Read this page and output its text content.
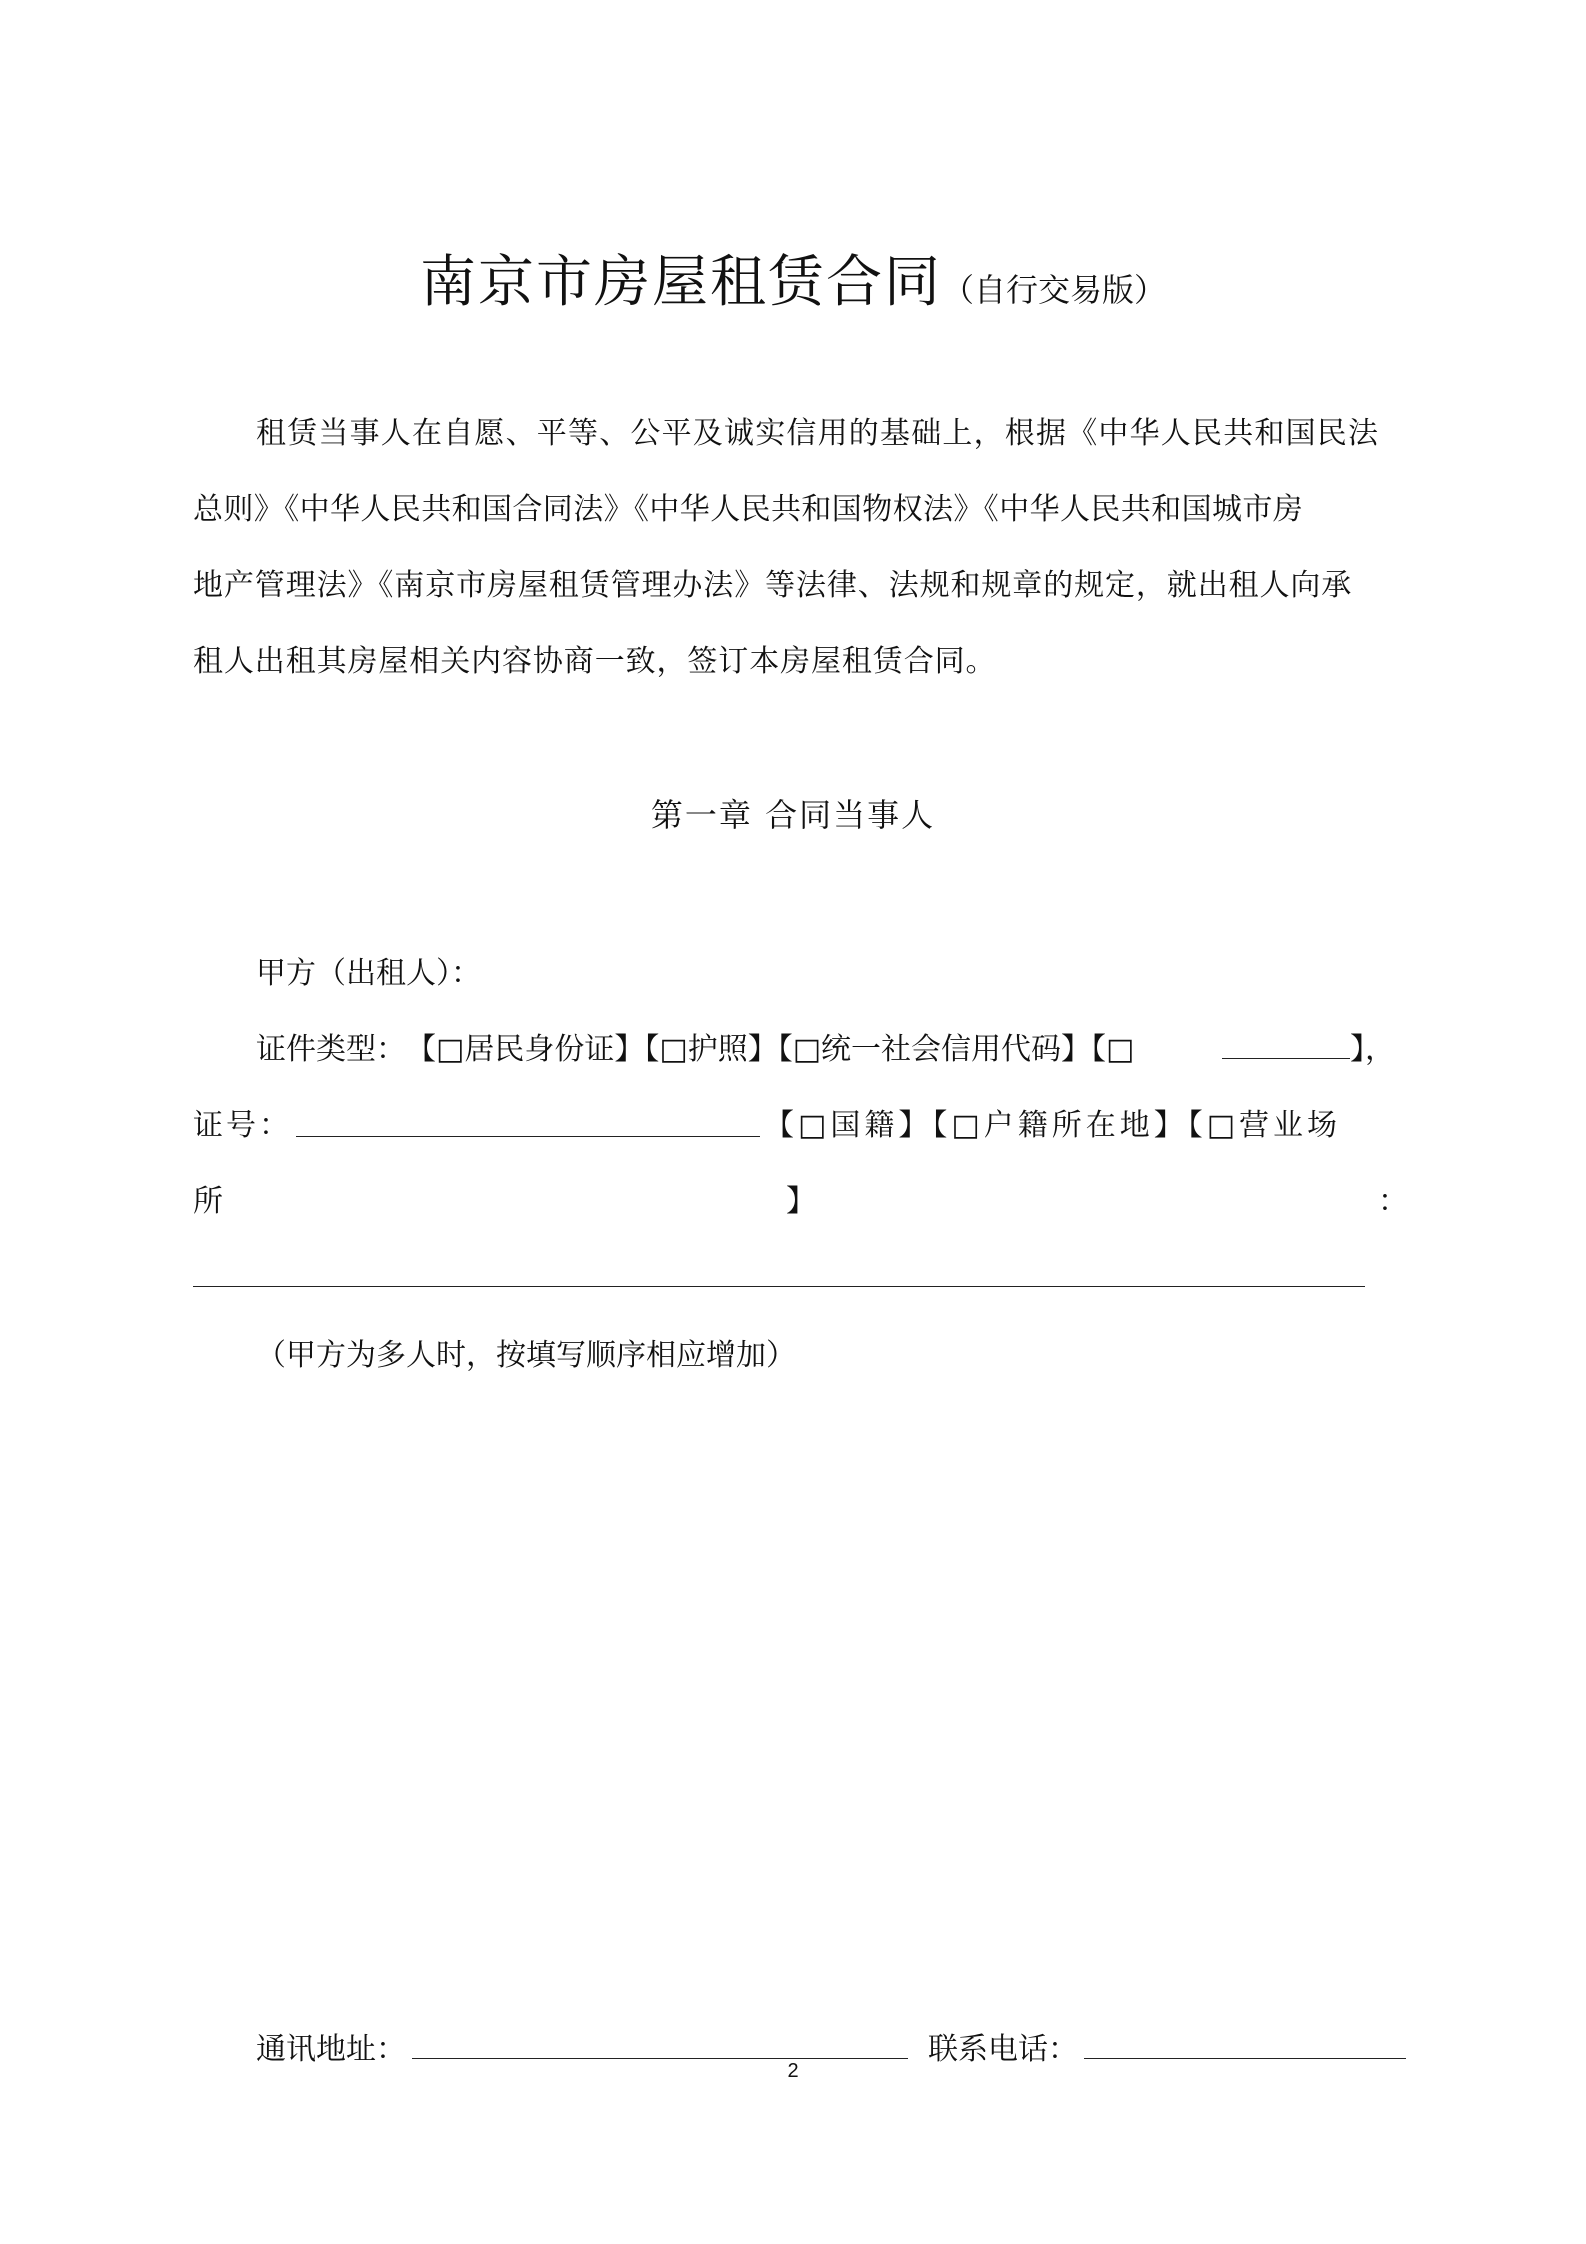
南京市房屋租赁合同（自行交易版）
租赁当事人在自愿、平等、公平及诚实信用的基础上，根据《中华人民共和国民法
总则》《中华人民共和国合同法》《中华人民共和国物权法》《中华人民共和国城市房
地产管理法》《南京市房屋租赁管理办法》等法律、法规和规章的规定，就出租人向承
租人出租其房屋相关内容协商一致，签订本房屋租赁合同。
第一章 合同当事人
甲方（出租人）：
证件类型： 【□居民身份证】【□护照】【□统一社会信用代码】【□	】，
证号：	【□国籍】【□户籍所在地】【□营业场
所	】	：
（甲方为多人时，按填写顺序相应增加）
通讯地址：	联系电话：
2
